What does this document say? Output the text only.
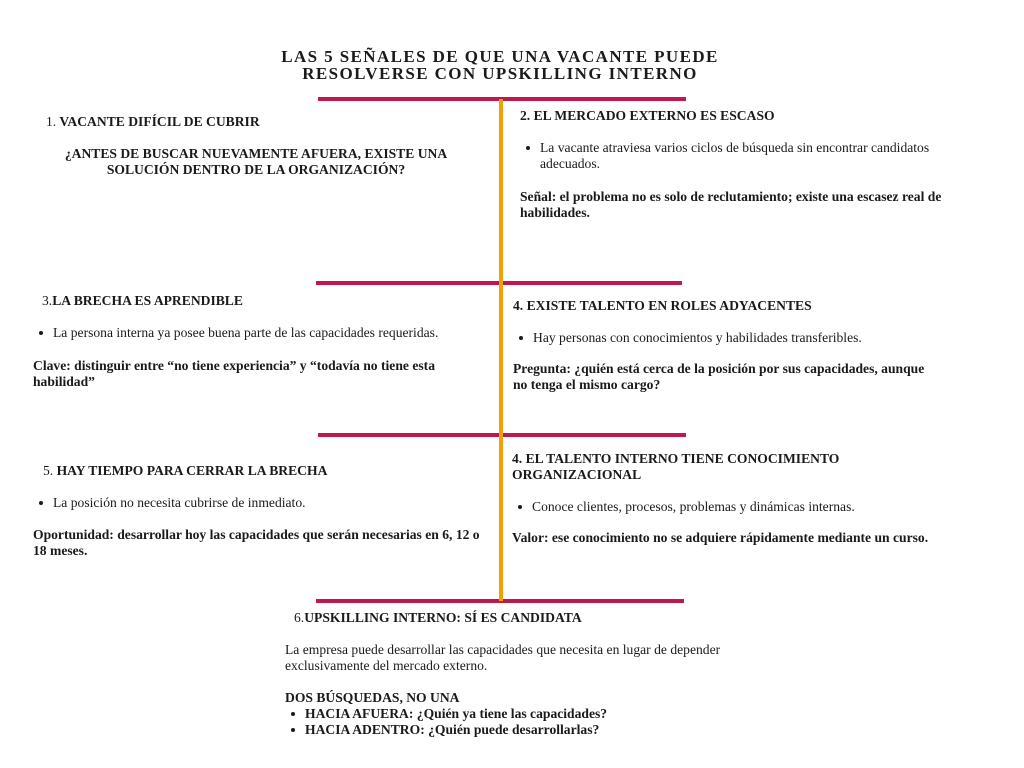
LAS 5 SEÑALES DE QUE UNA VACANTE PUEDE
RESOLVERSE CON UPSKILLING INTERNO
1. VACANTE DIFÍCIL DE CUBRIR
¿ANTES DE BUSCAR NUEVAMENTE AFUERA, EXISTE UNA SOLUCIÓN DENTRO DE LA ORGANIZACIÓN?
2. EL MERCADO EXTERNO ES ESCASO
La vacante atraviesa varios ciclos de búsqueda sin encontrar candidatos adecuados.
Señal: el problema no es solo de reclutamiento; existe una escasez real de habilidades.
3.LA BRECHA ES APRENDIBLE
La persona interna ya posee buena parte de las capacidades requeridas.
Clave: distinguir entre “no tiene experiencia” y “todavía no tiene esta habilidad”
4. EXISTE TALENTO EN ROLES ADYACENTES
Hay personas con conocimientos y habilidades transferibles.
Pregunta: ¿quién está cerca de la posición por sus capacidades, aunque no tenga el mismo cargo?
5. HAY TIEMPO PARA CERRAR LA BRECHA
La posición no necesita cubrirse de inmediato.
Oportunidad: desarrollar hoy las capacidades que serán necesarias en 6, 12 o 18 meses.
4. EL TALENTO INTERNO TIENE CONOCIMIENTO ORGANIZACIONAL
Conoce clientes, procesos, problemas y dinámicas internas.
Valor: ese conocimiento no se adquiere rápidamente mediante un curso.
6.UPSKILLING INTERNO: SÍ ES CANDIDATA
La empresa puede desarrollar las capacidades que necesita en lugar de depender exclusivamente del mercado externo.
DOS BÚSQUEDAS, NO UNA
HACIA AFUERA: ¿Quién ya tiene las capacidades?
HACIA ADENTRO: ¿Quién puede desarrollarlas?
